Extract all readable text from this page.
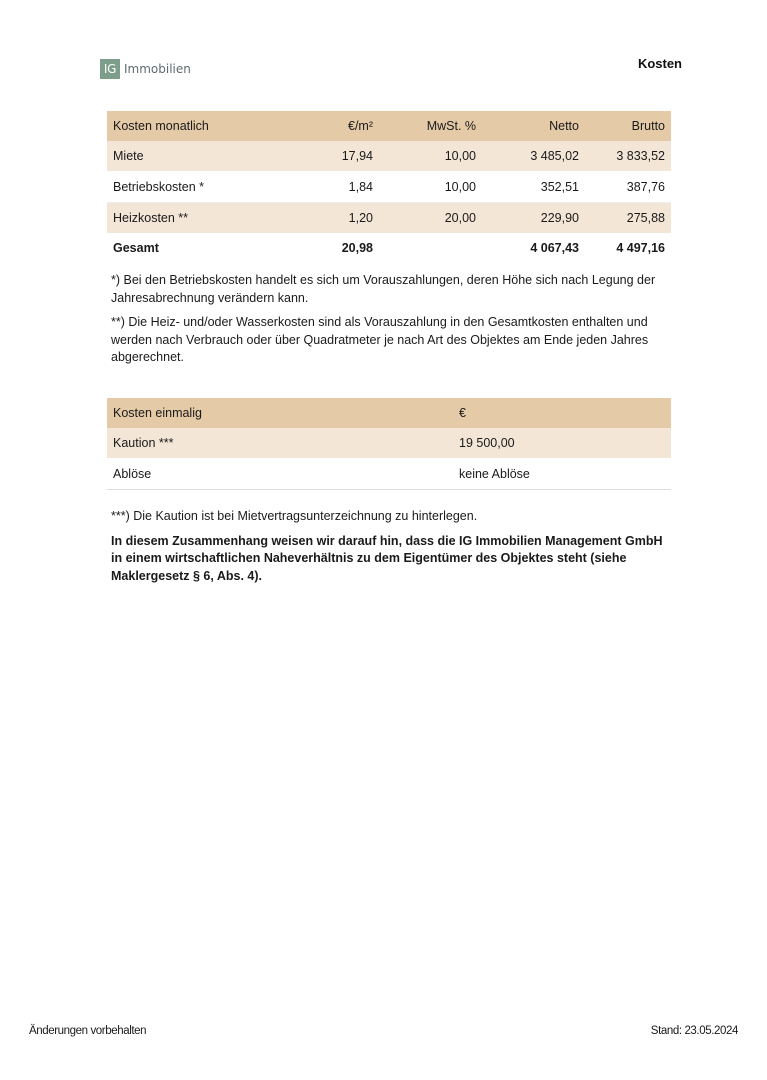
IG Immobilien	Kosten
Kosten monatlich	€/m²	MwSt. %	Netto	Brutto
Miete	17,94	10,00	3 485,02	3 833,52
Betriebskosten *	1,84	10,00	352,51	387,76
Heizkosten **	1,20	20,00	229,90	275,88
Gesamt	20,98		4 067,43	4 497,16

*) Bei den Betriebskosten handelt es sich um Vorauszahlungen, deren Höhe sich nach Legung der Jahresabrechnung verändern kann.

**) Die Heiz- und/oder Wasserkosten sind als Vorauszahlung in den Gesamtkosten enthalten und werden nach Verbrauch oder über Quadratmeter je nach Art des Objektes am Ende jeden Jahres abgerechnet.

Kosten einmalig	€
Kaution ***	19 500,00
Ablöse	keine Ablöse

***) Die Kaution ist bei Mietvertragsunterzeichnung zu hinterlegen.

In diesem Zusammenhang weisen wir darauf hin, dass die IG Immobilien Management GmbH in einem wirtschaftlichen Naheverhältnis zu dem Eigentümer des Objektes steht (siehe Maklergesetz § 6, Abs. 4).

Änderungen vorbehalten	Stand: 23.05.2024
